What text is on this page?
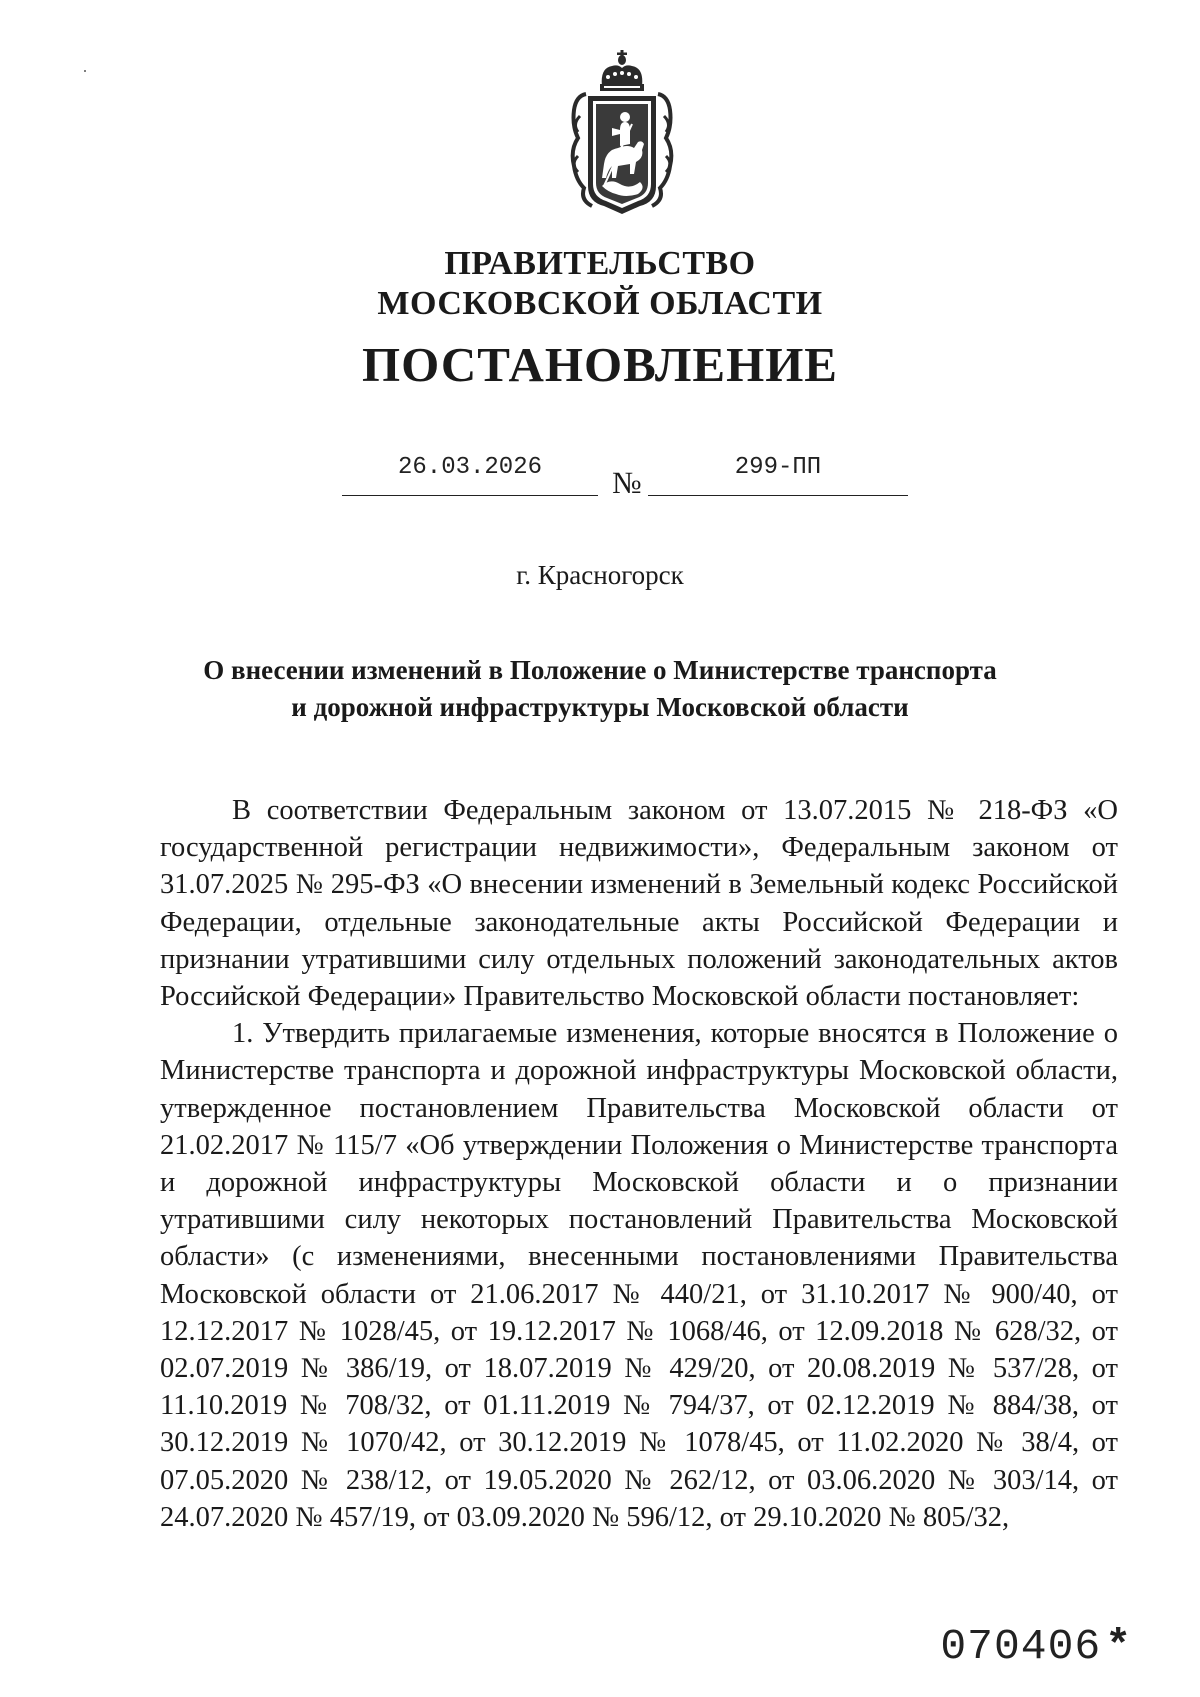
ПРАВИТЕЛЬСТВО
МОСКОВСКОЙ ОБЛАСТИ
ПОСТАНОВЛЕНИЕ
26.03.2026	№	299-ПП
г. Красногорск
О внесении изменений в Положение о Министерстве транспорта
и дорожной инфраструктуры Московской области

В соответствии Федеральным законом от 13.07.2015 № 218-ФЗ «О государственной регистрации недвижимости», Федеральным законом от 31.07.2025 № 295-ФЗ «О внесении изменений в Земельный кодекс Российской Федерации, отдельные законодательные акты Российской Федерации и признании утратившими силу отдельных положений законодательных актов Российской Федерации» Правительство Московской области постановляет:

1. Утвердить прилагаемые изменения, которые вносятся в Положение о Министерстве транспорта и дорожной инфраструктуры Московской области, утвержденное постановлением Правительства Московской области от 21.02.2017 № 115/7 «Об утверждении Положения о Министерстве транспорта и дорожной инфраструктуры Московской области и о признании утратившими силу некоторых постановлений Правительства Московской области» (с изменениями, внесенными постановлениями Правительства Московской области от 21.06.2017 № 440/21, от 31.10.2017 № 900/40, от 12.12.2017 № 1028/45, от 19.12.2017 № 1068/46, от 12.09.2018 № 628/32, от 02.07.2019 № 386/19, от 18.07.2019 № 429/20, от 20.08.2019 № 537/28, от 11.10.2019 № 708/32, от 01.11.2019 № 794/37, от 02.12.2019 № 884/38, от 30.12.2019 № 1070/42, от 30.12.2019 № 1078/45, от 11.02.2020 № 38/4, от 07.05.2020 № 238/12, от 19.05.2020 № 262/12, от 03.06.2020 № 303/14, от 24.07.2020 № 457/19, от 03.09.2020 № 596/12, от 29.10.2020 № 805/32,

070406*
